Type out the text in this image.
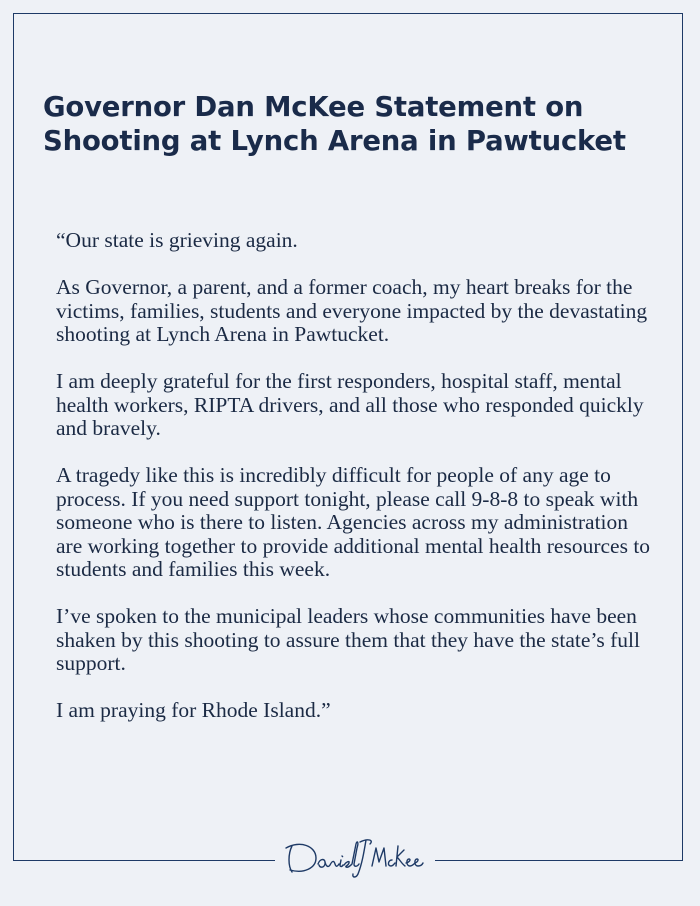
Governor Dan McKee Statement on Shooting at Lynch Arena in Pawtucket

“Our state is grieving again.

As Governor, a parent, and a former coach, my heart breaks for the victims, families, students and everyone impacted by the devastating shooting at Lynch Arena in Pawtucket.

I am deeply grateful for the first responders, hospital staff, mental health workers, RIPTA drivers, and all those who responded quickly and bravely.

A tragedy like this is incredibly difficult for people of any age to process. If you need support tonight, please call 9-8-8 to speak with someone who is there to listen. Agencies across my administration are working together to provide additional mental health resources to students and families this week.

I’ve spoken to the municipal leaders whose communities have been shaken by this shooting to assure them that they have the state’s full support.

I am praying for Rhode Island.”
